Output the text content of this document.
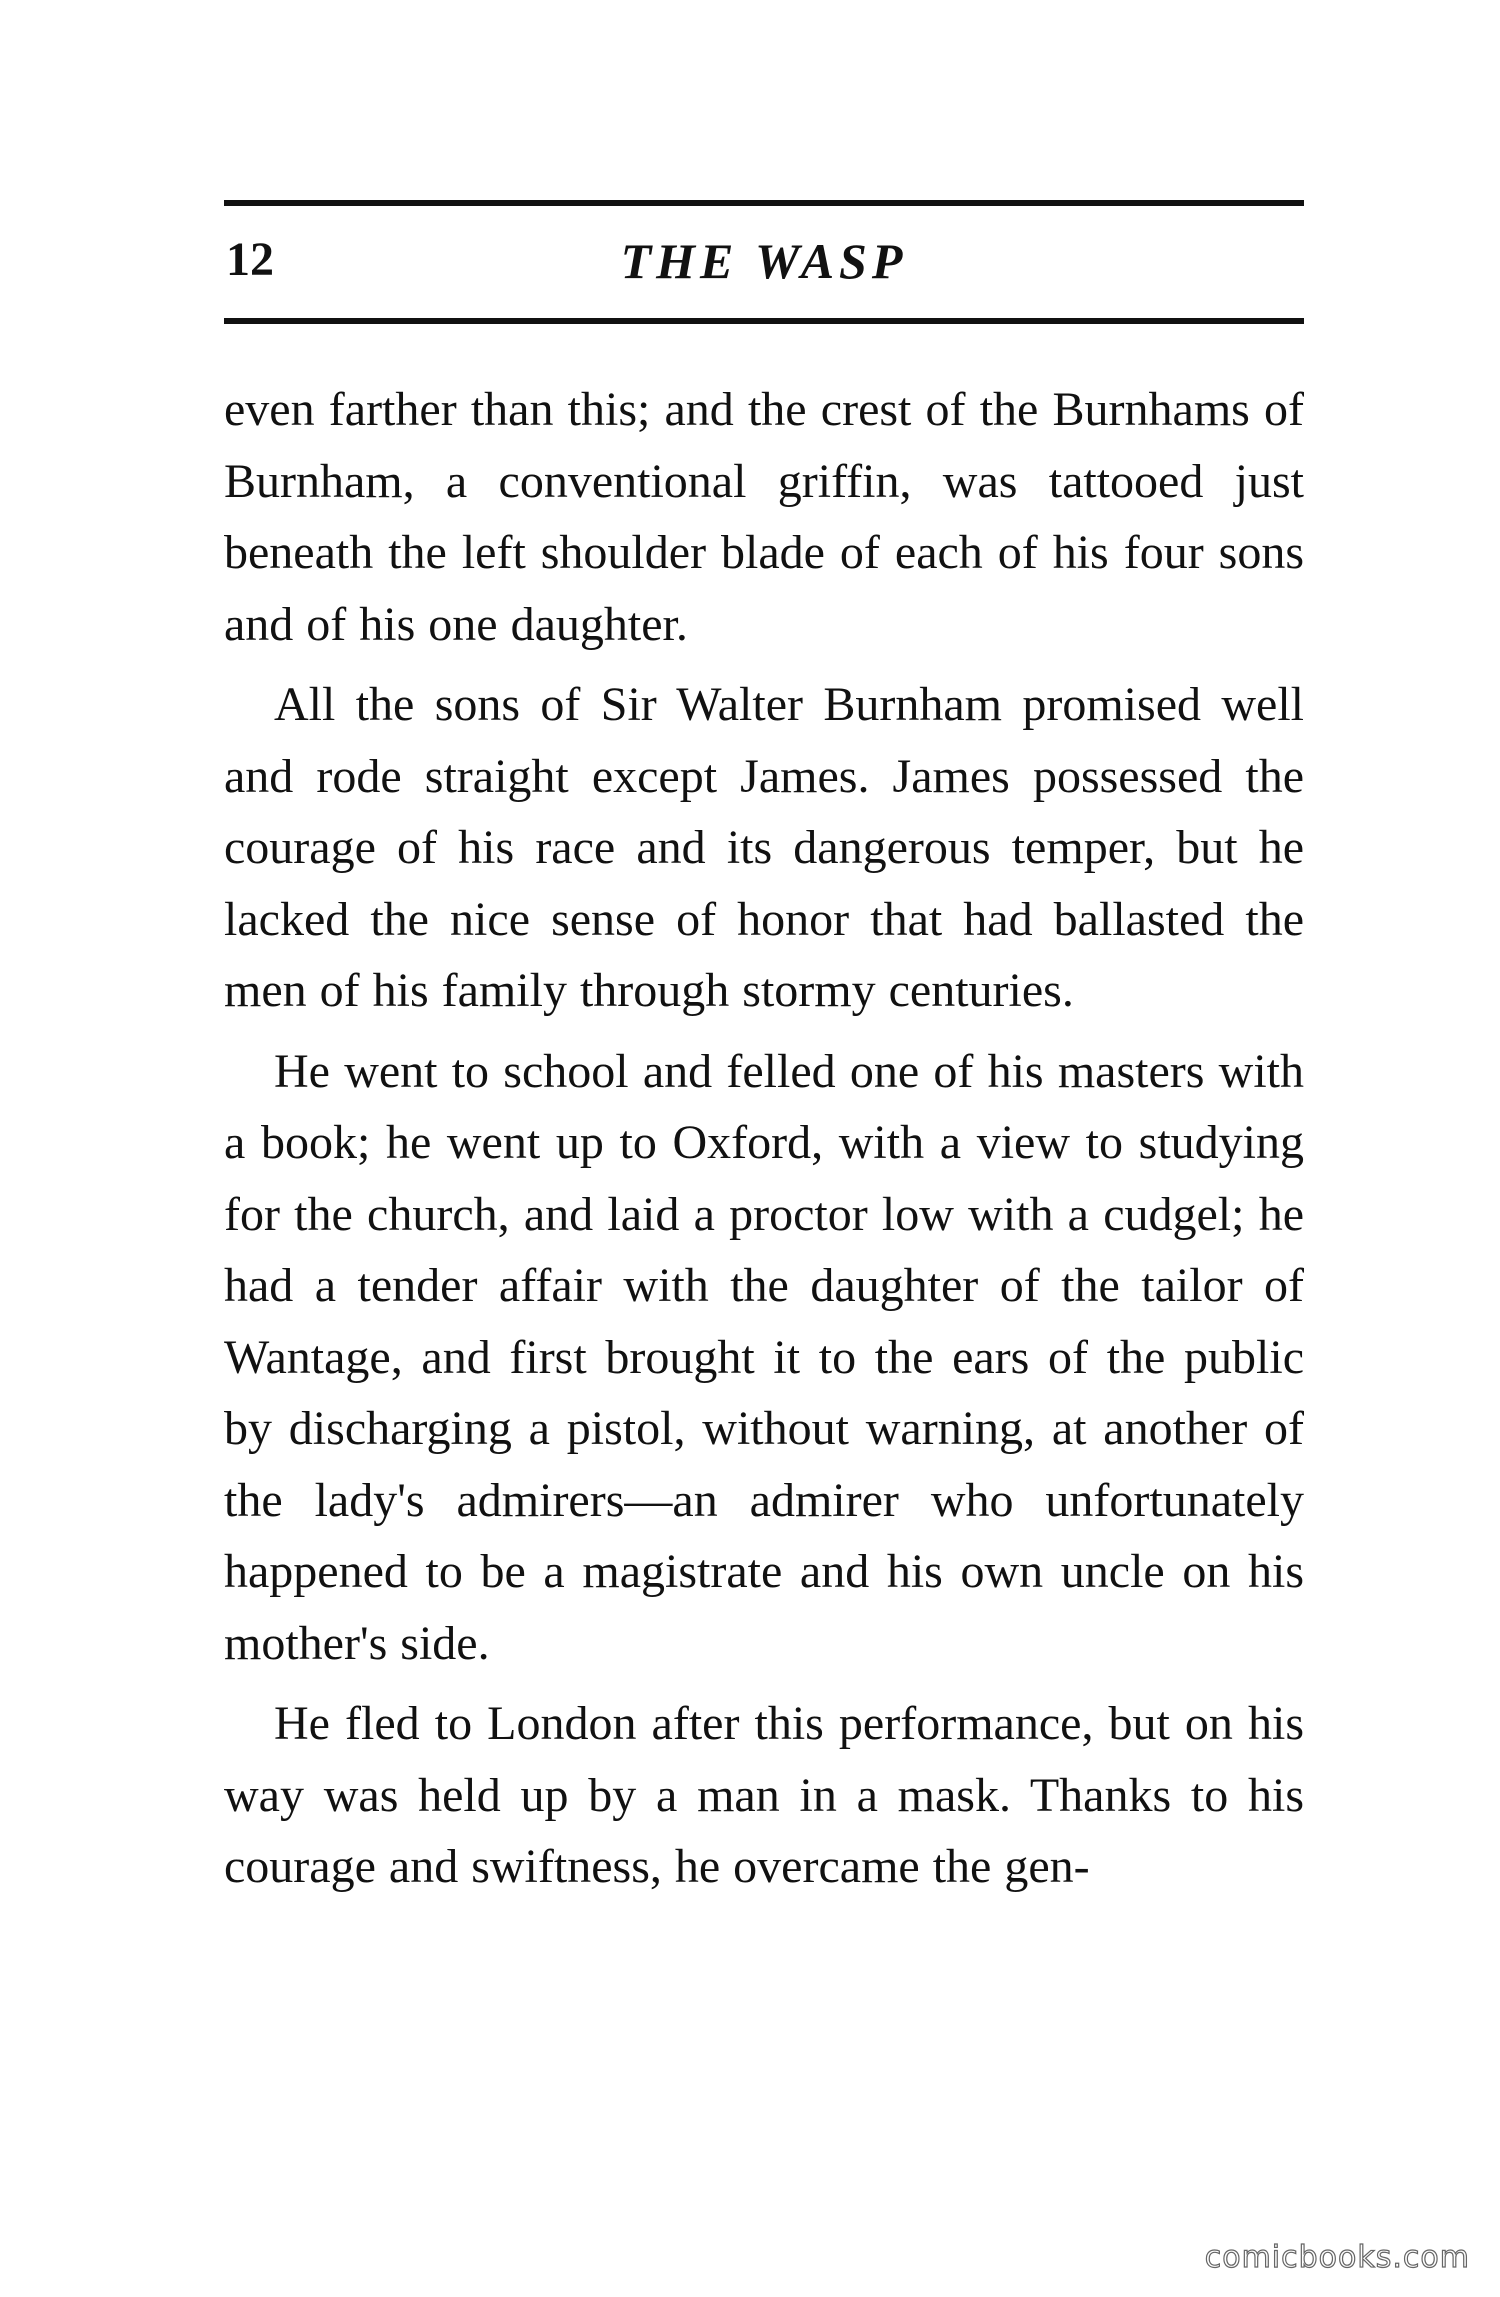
12	THE WASP

even farther than this; and the crest of the Burnhams of Burnham, a conventional griffin, was tattooed just beneath the left shoulder blade of each of his four sons and of his one daughter.

All the sons of Sir Walter Burnham promised well and rode straight except James. James possessed the courage of his race and its dangerous temper, but he lacked the nice sense of honor that had ballasted the men of his family through stormy centuries.

He went to school and felled one of his masters with a book; he went up to Oxford, with a view to studying for the church, and laid a proctor low with a cudgel; he had a tender affair with the daughter of the tailor of Wantage, and first brought it to the ears of the public by discharging a pistol, without warning, at another of the lady's admirers—an admirer who unfortunately happened to be a magistrate and his own uncle on his mother's side.

He fled to London after this performance, but on his way was held up by a man in a mask. Thanks to his courage and swiftness, he overcame the gen-

comicbooks.com
